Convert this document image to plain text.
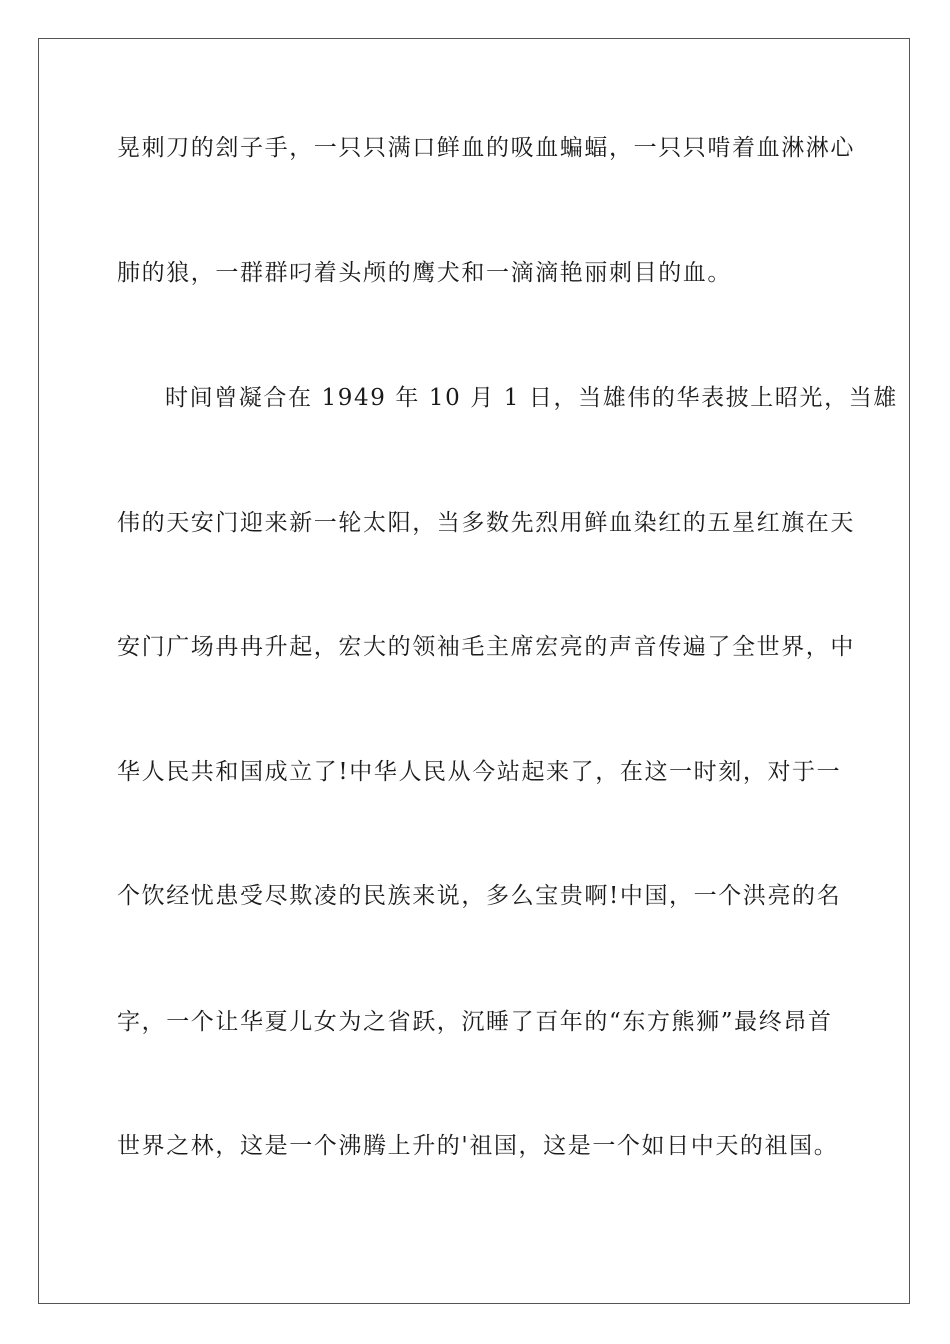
晃刺刀的刽子手，一只只满口鲜血的吸血蝙蝠，一只只啃着血淋淋心
肺的狼，一群群叼着头颅的鹰犬和一滴滴艳丽刺目的血。
时间曾凝合在 1949 年 10 月 1 日，当雄伟的华表披上昭光，当雄
伟的天安门迎来新一轮太阳，当多数先烈用鲜血染红的五星红旗在天
安门广场冉冉升起，宏大的领袖毛主席宏亮的声音传遍了全世界，中
华人民共和国成立了!中华人民从今站起来了，在这一时刻，对于一
个饮经忧患受尽欺凌的民族来说，多么宝贵啊!中国，一个洪亮的名
字，一个让华夏儿女为之省跃，沉睡了百年的“东方熊狮”最终昂首
世界之林，这是一个沸腾上升的'祖国，这是一个如日中天的祖国。
